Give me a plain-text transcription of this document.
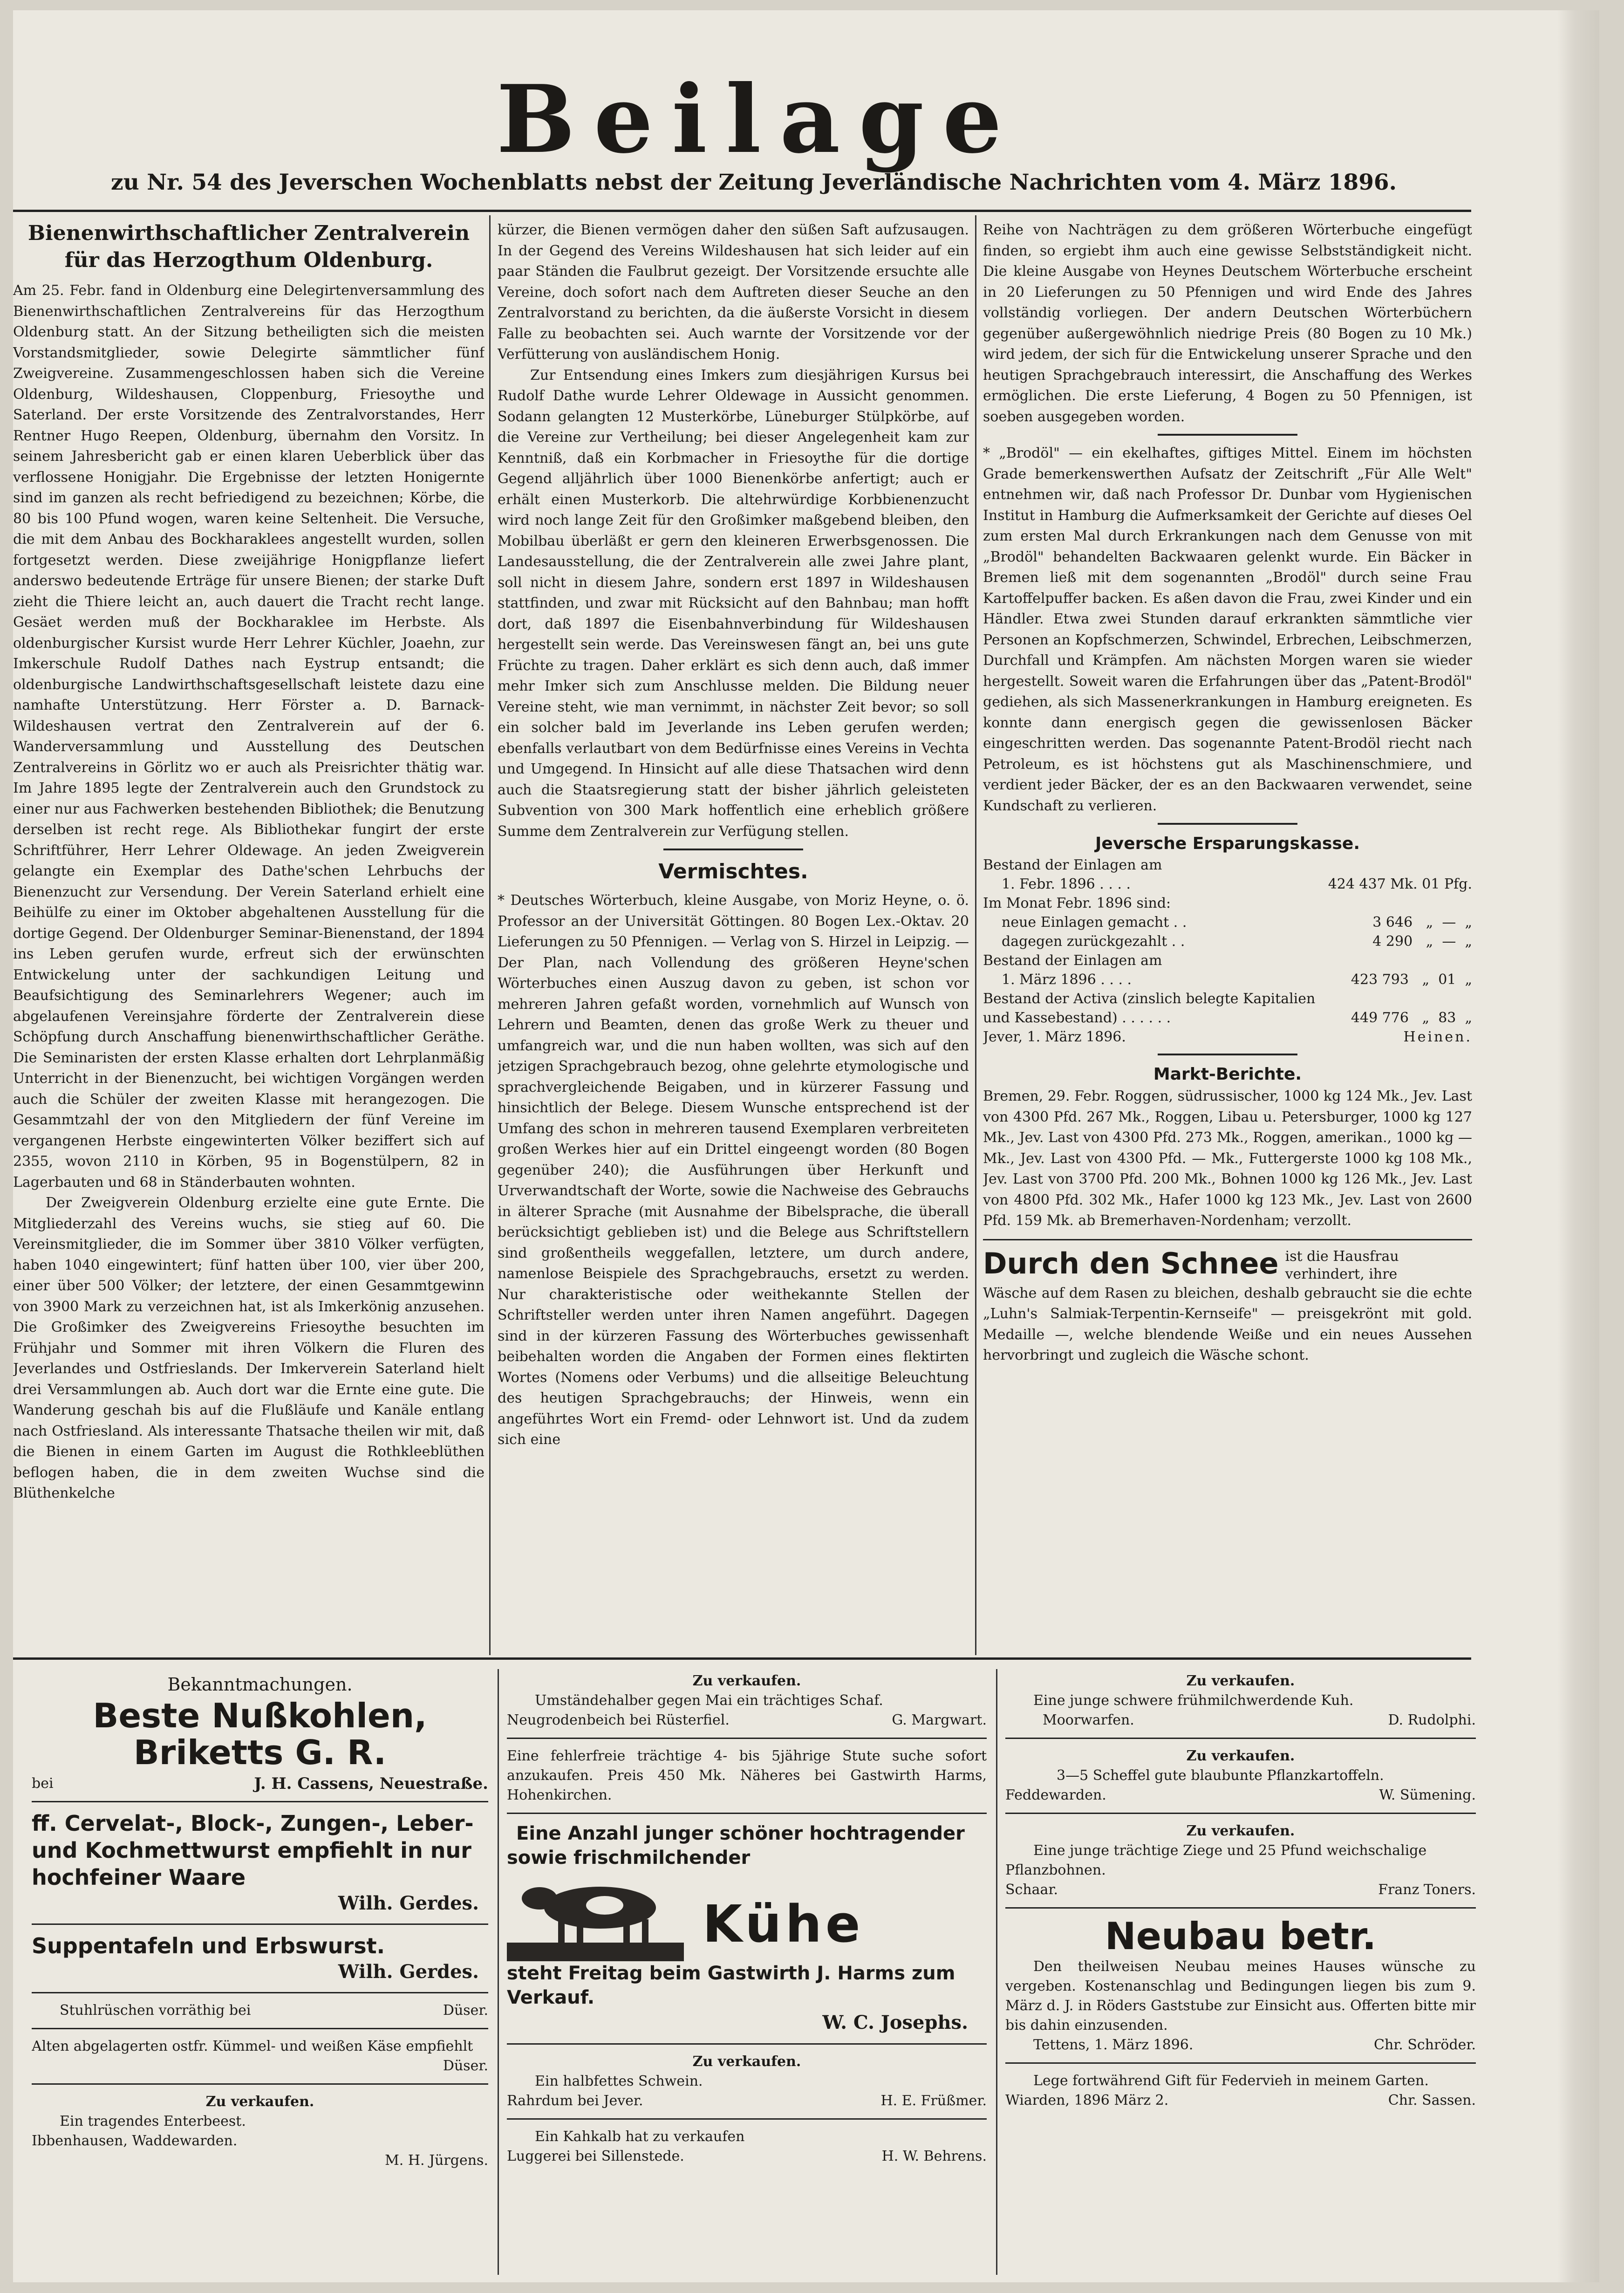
Beilage
zu Nr. 54 des Jeverschen Wochenblatts nebst der Zeitung Jeverländische Nachrichten vom 4. März 1896.
Bienenwirthschaftlicher Zentralverein für das Herzogthum Oldenburg.

Am 25. Febr. fand in Oldenburg eine Delegirtenversammlung des Bienenwirthschaftlichen Zentralvereins für das Herzogthum Oldenburg statt. An der Sitzung betheiligten sich die meisten Vorstandsmitglieder, sowie Delegirte sämmtlicher fünf Zweigvereine. Zusammengeschlossen haben sich die Vereine Oldenburg, Wildeshausen, Cloppenburg, Friesoythe und Saterland. Der erste Vorsitzende des Zentralvorstandes, Herr Rentner Hugo Reepen, Oldenburg, übernahm den Vorsitz. In seinem Jahresbericht gab er einen klaren Ueberblick über das verflossene Honigjahr. Die Ergebnisse der letzten Honigernte sind im ganzen als recht befriedigend zu bezeichnen; Körbe, die 80 bis 100 Pfund wogen, waren keine Seltenheit. Die Versuche, die mit dem Anbau des Bockharaklees angestellt wurden, sollen fortgesetzt werden. Diese zweijährige Honigpflanze liefert anderswo bedeutende Erträge für unsere Bienen; der starke Duft zieht die Thiere leicht an, auch dauert die Tracht recht lange. Gesäet werden muß der Bockharaklee im Herbste. Als oldenburgischer Kursist wurde Herr Lehrer Küchler, Joaehn, zur Imkerschule Rudolf Dathes nach Eystrup entsandt; die oldenburgische Landwirthschaftsgesellschaft leistete dazu eine namhafte Unterstützung. Herr Förster a. D. Barnack-Wildeshausen vertrat den Zentralverein auf der 6. Wanderversammlung und Ausstellung des Deutschen Zentralvereins in Görlitz wo er auch als Preisrichter thätig war. Im Jahre 1895 legte der Zentralverein auch den Grundstock zu einer nur aus Fachwerken bestehenden Bibliothek; die Benutzung derselben ist recht rege. Als Bibliothekar fungirt der erste Schriftführer, Herr Lehrer Oldewage. An jeden Zweigverein gelangte ein Exemplar des Dathe'schen Lehrbuchs der Bienenzucht zur Versendung. Der Verein Saterland erhielt eine Beihülfe zu einer im Oktober abgehaltenen Ausstellung für die dortige Gegend. Der Oldenburger Seminar-Bienenstand, der 1894 ins Leben gerufen wurde, erfreut sich der erwünschten Entwickelung unter der sachkundigen Leitung und Beaufsichtigung des Seminarlehrers Wegener; auch im abgelaufenen Vereinsjahre förderte der Zentralverein diese Schöpfung durch Anschaffung bienenwirthschaftlicher Geräthe. Die Seminaristen der ersten Klasse erhalten dort Lehrplanmäßig Unterricht in der Bienenzucht, bei wichtigen Vorgängen werden auch die Schüler der zweiten Klasse mit herangezogen. Die Gesammtzahl der von den Mitgliedern der fünf Vereine im vergangenen Herbste eingewinterten Völker beziffert sich auf 2355, wovon 2110 in Körben, 95 in Bogenstülpern, 82 in Lagerbauten und 68 in Ständerbauten wohnten.

Der Zweigverein Oldenburg erzielte eine gute Ernte. Die Mitgliederzahl des Vereins wuchs, sie stieg auf 60. Die Vereinsmitglieder, die im Sommer über 3810 Völker verfügten, haben 1040 eingewintert; fünf hatten über 100, vier über 200, einer über 500 Völker; der letztere, der einen Gesammtgewinn von 3900 Mark zu verzeichnen hat, ist als Imkerkönig anzusehen. Die Großimker des Zweigvereins Friesoythe besuchten im Frühjahr und Sommer mit ihren Völkern die Fluren des Jeverlandes und Ostfrieslands. Der Imkerverein Saterland hielt drei Versammlungen ab. Auch dort war die Ernte eine gute. Die Wanderung geschah bis auf die Flußläufe und Kanäle entlang nach Ostfriesland. Als interessante Thatsache theilen wir mit, daß die Bienen in einem Garten im August die Rothkleeblüthen beflogen haben, die in dem zweiten Wuchse sind die Blüthenkelche

kürzer, die Bienen vermögen daher den süßen Saft aufzusaugen. In der Gegend des Vereins Wildeshausen hat sich leider auf ein paar Ständen die Faulbrut gezeigt. Der Vorsitzende ersuchte alle Vereine, doch sofort nach dem Auftreten dieser Seuche an den Zentralvorstand zu berichten, da die äußerste Vorsicht in diesem Falle zu beobachten sei. Auch warnte der Vorsitzende vor der Verfütterung von ausländischem Honig.

Zur Entsendung eines Imkers zum diesjährigen Kursus bei Rudolf Dathe wurde Lehrer Oldewage in Aussicht genommen. Sodann gelangten 12 Musterkörbe, Lüneburger Stülpkörbe, auf die Vereine zur Vertheilung; bei dieser Angelegenheit kam zur Kenntniß, daß ein Korbmacher in Friesoythe für die dortige Gegend alljährlich über 1000 Bienenkörbe anfertigt; auch er erhält einen Musterkorb. Die altehrwürdige Korbbienenzucht wird noch lange Zeit für den Großimker maßgebend bleiben, den Mobilbau überläßt er gern den kleineren Erwerbsgenossen. Die Landesausstellung, die der Zentralverein alle zwei Jahre plant, soll nicht in diesem Jahre, sondern erst 1897 in Wildeshausen stattfinden, und zwar mit Rücksicht auf den Bahnbau; man hofft dort, daß 1897 die Eisenbahnverbindung für Wildeshausen hergestellt sein werde. Das Vereinswesen fängt an, bei uns gute Früchte zu tragen. Daher erklärt es sich denn auch, daß immer mehr Imker sich zum Anschlusse melden. Die Bildung neuer Vereine steht, wie man vernimmt, in nächster Zeit bevor; so soll ein solcher bald im Jeverlande ins Leben gerufen werden; ebenfalls verlautbart von dem Bedürfnisse eines Vereins in Vechta und Umgegend. In Hinsicht auf alle diese Thatsachen wird denn auch die Staatsregierung statt der bisher jährlich geleisteten Subvention von 300 Mark hoffentlich eine erheblich größere Summe dem Zentralverein zur Verfügung stellen.

Vermischtes.

* Deutsches Wörterbuch, kleine Ausgabe, von Moriz Heyne, o. ö. Professor an der Universität Göttingen. 80 Bogen Lex.-Oktav. 20 Lieferungen zu 50 Pfennigen. — Verlag von S. Hirzel in Leipzig. — Der Plan, nach Vollendung des größeren Heyne'schen Wörterbuches einen Auszug davon zu geben, ist schon vor mehreren Jahren gefaßt worden, vornehmlich auf Wunsch von Lehrern und Beamten, denen das große Werk zu theuer und umfangreich war, und die nun haben wollten, was sich auf den jetzigen Sprachgebrauch bezog, ohne gelehrte etymologische und sprachvergleichende Beigaben, und in kürzerer Fassung und hinsichtlich der Belege. Diesem Wunsche entsprechend ist der Umfang des schon in mehreren tausend Exemplaren verbreiteten großen Werkes hier auf ein Drittel eingeengt worden (80 Bogen gegenüber 240); die Ausführungen über Herkunft und Urverwandtschaft der Worte, sowie die Nachweise des Gebrauchs in älterer Sprache (mit Ausnahme der Bibelsprache, die überall berücksichtigt geblieben ist) und die Belege aus Schriftstellern sind großentheils weggefallen, letztere, um durch andere, namenlose Beispiele des Sprachgebrauchs, ersetzt zu werden. Nur charakteristische oder weithekannte Stellen der Schriftsteller werden unter ihren Namen angeführt. Dagegen sind in der kürzeren Fassung des Wörterbuches gewissenhaft beibehalten worden die Angaben der Formen eines flektirten Wortes (Nomens oder Verbums) und die allseitige Beleuchtung des heutigen Sprachgebrauchs; der Hinweis, wenn ein angeführtes Wort ein Fremd- oder Lehnwort ist. Und da zudem sich eine

Reihe von Nachträgen zu dem größeren Wörterbuche eingefügt finden, so ergiebt ihm auch eine gewisse Selbstständigkeit nicht. Die kleine Ausgabe von Heynes Deutschem Wörterbuche erscheint in 20 Lieferungen zu 50 Pfennigen und wird Ende des Jahres vollständig vorliegen. Der andern Deutschen Wörterbüchern gegenüber außergewöhnlich niedrige Preis (80 Bogen zu 10 Mk.) wird jedem, der sich für die Entwickelung unserer Sprache und den heutigen Sprachgebrauch interessirt, die Anschaffung des Werkes ermöglichen. Die erste Lieferung, 4 Bogen zu 50 Pfennigen, ist soeben ausgegeben worden.

* „Brodöl" — ein ekelhaftes, giftiges Mittel. Einem im höchsten Grade bemerkenswerthen Aufsatz der Zeitschrift „Für Alle Welt" entnehmen wir, daß nach Professor Dr. Dunbar vom Hygienischen Institut in Hamburg die Aufmerksamkeit der Gerichte auf dieses Oel zum ersten Mal durch Erkrankungen nach dem Genusse von mit „Brodöl" behandelten Backwaaren gelenkt wurde. Ein Bäcker in Bremen ließ mit dem sogenannten „Brodöl" durch seine Frau Kartoffelpuffer backen. Es aßen davon die Frau, zwei Kinder und ein Händler. Etwa zwei Stunden darauf erkrankten sämmtliche vier Personen an Kopfschmerzen, Schwindel, Erbrechen, Leibschmerzen, Durchfall und Krämpfen. Am nächsten Morgen waren sie wieder hergestellt. Soweit waren die Erfahrungen über das „Patent-Brodöl" gediehen, als sich Massenerkrankungen in Hamburg ereigneten. Es konnte dann energisch gegen die gewissenlosen Bäcker eingeschritten werden. Das sogenannte Patent-Brodöl riecht nach Petroleum, es ist höchstens gut als Maschinenschmiere, und verdient jeder Bäcker, der es an den Backwaaren verwendet, seine Kundschaft zu verlieren.

Jeversche Ersparungskasse.
Bestand der Einlagen am	
1. Febr. 1896 . . . .	424 437 Mk. 01 Pfg.
Im Monat Febr. 1896 sind:	
neue Einlagen gemacht . .	3 646   „  —  „
dagegen zurückgezahlt . .	4 290   „  —  „
Bestand der Einlagen am	
1. März 1896 . . . .	423 793   „  01  „
Bestand der Activa (zinslich belegte Kapitalien und Kassebestand) . . . . . .	449 776   „  83  „
Jever, 1. März 1896.	Heinen.
Markt-Berichte.

Bremen, 29. Febr. Roggen, südrussischer, 1000 kg 124 Mk., Jev. Last von 4300 Pfd. 267 Mk., Roggen, Libau u. Petersburger, 1000 kg 127 Mk., Jev. Last von 4300 Pfd. 273 Mk., Roggen, amerikan., 1000 kg — Mk., Jev. Last von 4300 Pfd. — Mk., Futtergerste 1000 kg 108 Mk., Jev. Last von 3700 Pfd. 200 Mk., Bohnen 1000 kg 126 Mk., Jev. Last von 4800 Pfd. 302 Mk., Hafer 1000 kg 123 Mk., Jev. Last von 2600 Pfd. 159 Mk. ab Bremerhaven-Nordenham; verzollt.

Durch den Schnee ist die Hausfrau verhindert, ihre

Wäsche auf dem Rasen zu bleichen, deshalb gebraucht sie die echte „Luhn's Salmiak-Terpentin-Kernseife" — preisgekrönt mit gold. Medaille —, welche blendende Weiße und ein neues Aussehen hervorbringt und zugleich die Wäsche schont.

Bekanntmachungen.
Beste Nußkohlen,
Briketts G. R.
bei	J. H. Cassens, Neuestraße.
ff. Cervelat-, Block-, Zungen-, Leber- und Kochmettwurst empfiehlt in nur hochfeiner Waare
Wilh. Gerdes.
Suppentafeln und Erbswurst.
Wilh. Gerdes.
Stuhlrüschen vorräthig bei	Düser.
Alten abgelagerten ostfr. Kümmel- und weißen Käse empfiehlt
Düser.
Zu verkaufen.
Ein tragendes Enterbeest.
Ibbenhausen, Waddewarden.
M. H. Jürgens.
Zu verkaufen.
Umständehalber gegen Mai ein trächtiges Schaf.
Neugrodenbeich bei Rüsterfiel.	G. Margwart.
Eine fehlerfreie trächtige 4- bis 5jährige Stute suche sofort anzukaufen. Preis 450 Mk. Näheres bei Gastwirth Harms, Hohenkirchen.
Eine Anzahl junger schöner hochtragender sowie frischmilchender
Kühe
steht Freitag beim Gastwirth J. Harms zum Verkauf.
W. C. Josephs.
Zu verkaufen.
Ein halbfettes Schwein.
Rahrdum bei Jever.	H. E. Früßmer.
Ein Kahkalb hat zu verkaufen
Luggerei bei Sillenstede.	H. W. Behrens.
Zu verkaufen.
Eine junge schwere frühmilchwerdende Kuh.
Moorwarfen.	D. Rudolphi.
Zu verkaufen.
3—5 Scheffel gute blaubunte Pflanzkartoffeln.
Feddewarden.	W. Sümening.
Zu verkaufen.
Eine junge trächtige Ziege und 25 Pfund weichschalige Pflanzbohnen.
Schaar.	Franz Toners.
Neubau betr.
Den theilweisen Neubau meines Hauses wünsche zu vergeben. Kostenanschlag und Bedingungen liegen bis zum 9. März d. J. in Röders Gaststube zur Einsicht aus. Offerten bitte mir bis dahin einzusenden.
Tettens, 1. März 1896.	Chr. Schröder.
Lege fortwährend Gift für Federvieh in meinem Garten.
Wiarden, 1896 März 2.	Chr. Sassen.
